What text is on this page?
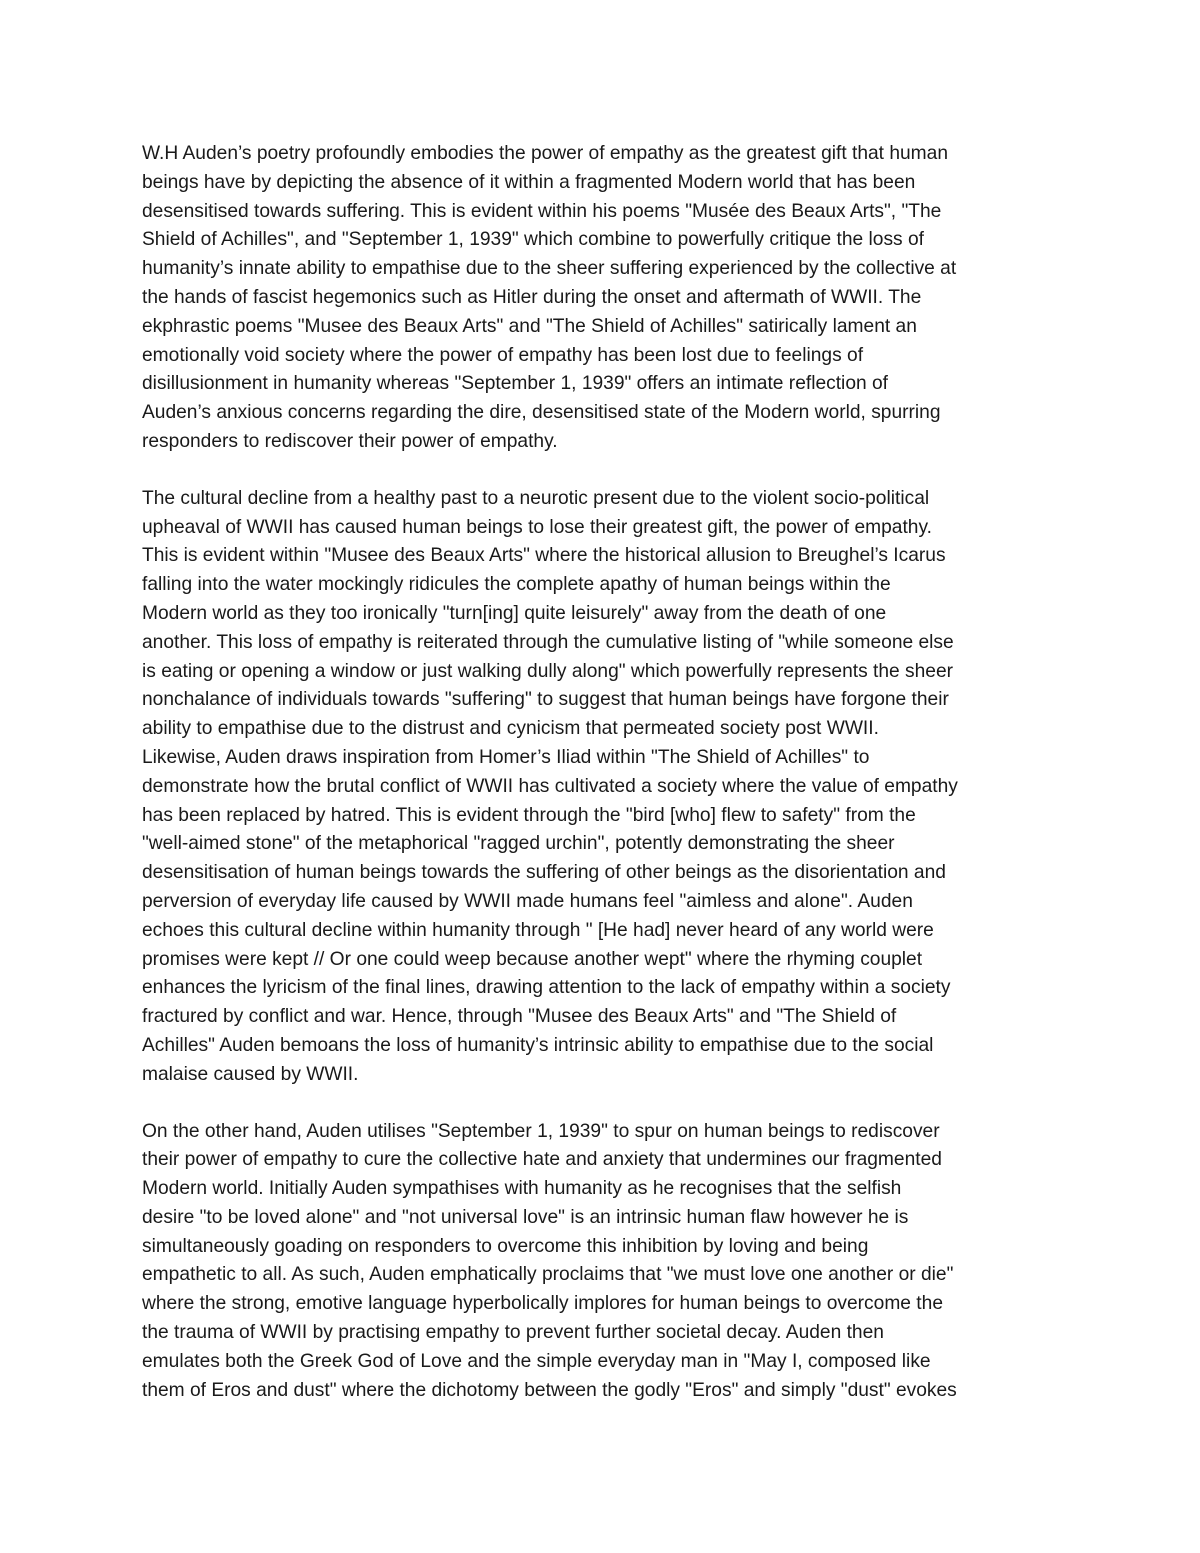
W.H Auden’s poetry profoundly embodies the power of empathy as the greatest gift that human
beings have by depicting the absence of it within a fragmented Modern world that has been
desensitised towards suffering. This is evident within his poems "Musée des Beaux Arts", "The
Shield of Achilles", and "September 1, 1939" which combine to powerfully critique the loss of
humanity’s innate ability to empathise due to the sheer suffering experienced by the collective at
the hands of fascist hegemonics such as Hitler during the onset and aftermath of WWII. The
ekphrastic poems "Musee des Beaux Arts" and "The Shield of Achilles" satirically lament an
emotionally void society where the power of empathy has been lost due to feelings of
disillusionment in humanity whereas "September 1, 1939" offers an intimate reflection of
Auden’s anxious concerns regarding the dire, desensitised state of the Modern world, spurring
responders to rediscover their power of empathy.

The cultural decline from a healthy past to a neurotic present due to the violent socio-political
upheaval of WWII has caused human beings to lose their greatest gift, the power of empathy.
This is evident within "Musee des Beaux Arts" where the historical allusion to Breughel’s Icarus
falling into the water mockingly ridicules the complete apathy of human beings within the
Modern world as they too ironically "turn[ing] quite leisurely" away from the death of one
another. This loss of empathy is reiterated through the cumulative listing of "while someone else
is eating or opening a window or just walking dully along" which powerfully represents the sheer
nonchalance of individuals towards "suffering" to suggest that human beings have forgone their
ability to empathise due to the distrust and cynicism that permeated society post WWII.
Likewise, Auden draws inspiration from Homer’s Iliad within "The Shield of Achilles" to
demonstrate how the brutal conflict of WWII has cultivated a society where the value of empathy
has been replaced by hatred. This is evident through the "bird [who] flew to safety" from the
"well-aimed stone" of the metaphorical "ragged urchin", potently demonstrating the sheer
desensitisation of human beings towards the suffering of other beings as the disorientation and
perversion of everyday life caused by WWII made humans feel "aimless and alone". Auden
echoes this cultural decline within humanity through " [He had] never heard of any world were
promises were kept // Or one could weep because another wept" where the rhyming couplet
enhances the lyricism of the final lines, drawing attention to the lack of empathy within a society
fractured by conflict and war. Hence, through "Musee des Beaux Arts" and "The Shield of
Achilles" Auden bemoans the loss of humanity’s intrinsic ability to empathise due to the social
malaise caused by WWII.

On the other hand, Auden utilises "September 1, 1939" to spur on human beings to rediscover
their power of empathy to cure the collective hate and anxiety that undermines our fragmented
Modern world. Initially Auden sympathises with humanity as he recognises that the selfish
desire "to be loved alone" and "not universal love" is an intrinsic human flaw however he is
simultaneously goading on responders to overcome this inhibition by loving and being
empathetic to all. As such, Auden emphatically proclaims that "we must love one another or die"
where the strong, emotive language hyperbolically implores for human beings to overcome the
the trauma of WWII by practising empathy to prevent further societal decay. Auden then
emulates both the Greek God of Love and the simple everyday man in "May I, composed like
them of Eros and dust" where the dichotomy between the godly "Eros" and simply "dust" evokes
